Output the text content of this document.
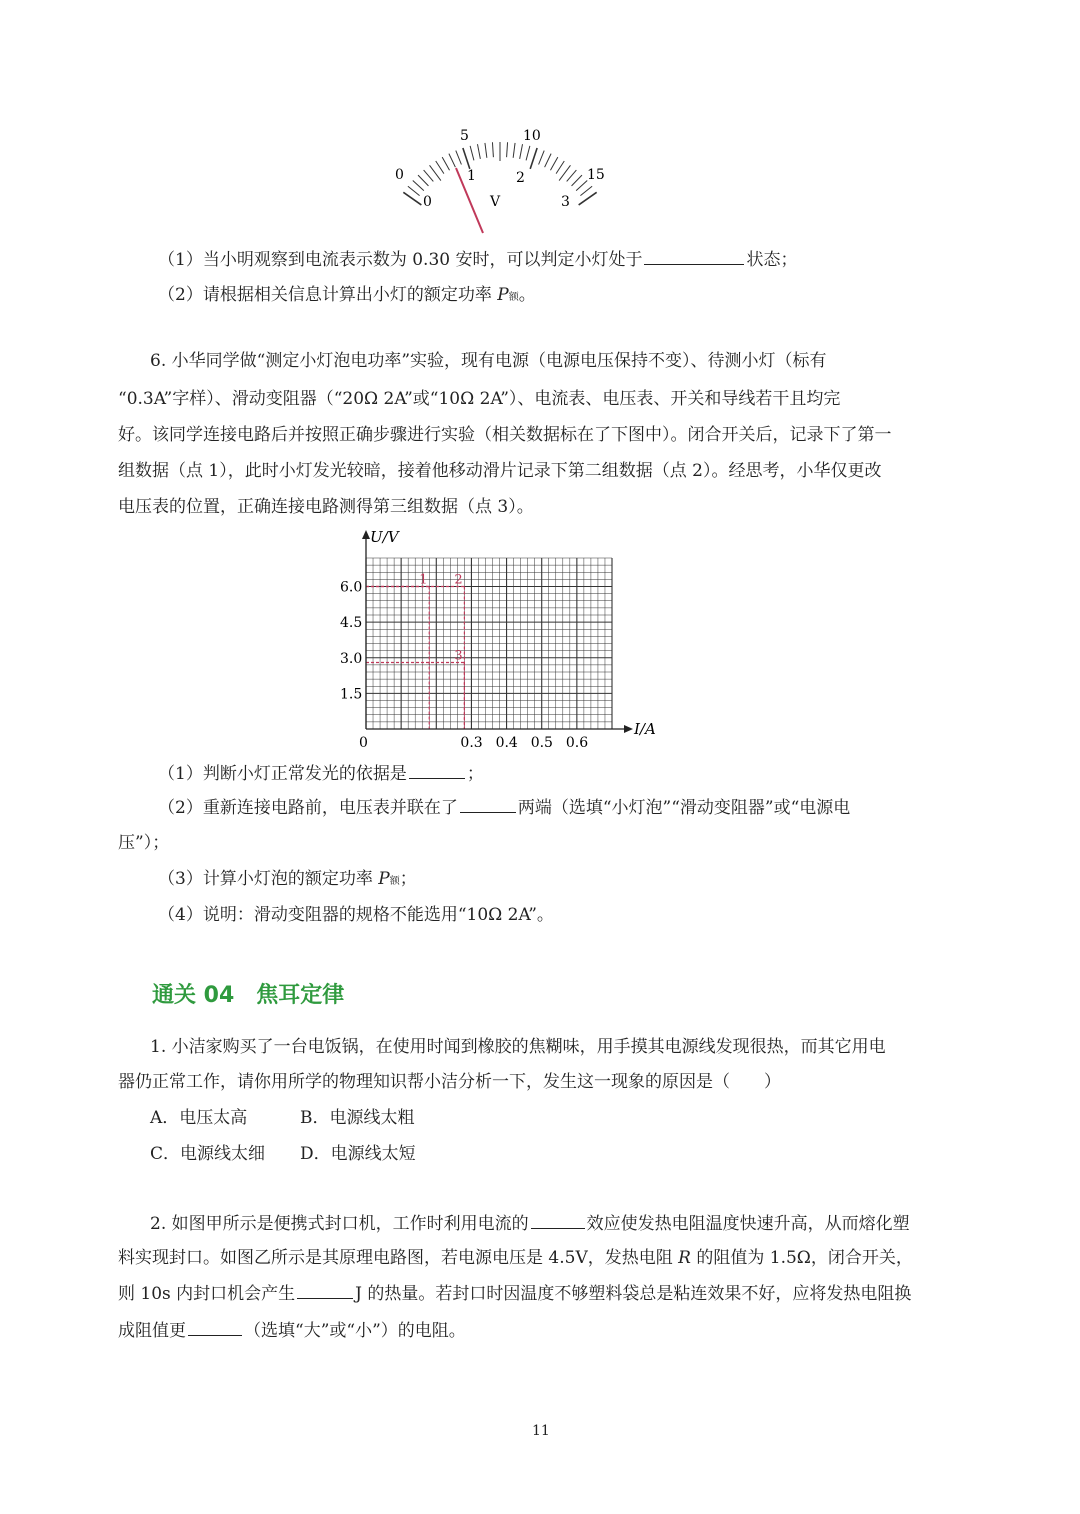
0
5	10
15
0
1	2
3
V
（1）当小明观察到电流表示数为 0.30 安时，可以判定小灯处于	状态；
（2）请根据相关信息计算出小灯的额定功率 P额。
6. 小华同学做“测定小灯泡电功率”实验，现有电源（电源电压保持不变）、待测小灯（标有
“0.3A”字样）、滑动变阻器（“20Ω 2A”或“10Ω 2A”）、电流表、电压表、开关和导线若干且均完
好。该同学连接电路后并按照正确步骤进行实验（相关数据标在了下图中）。闭合开关后，记录下了第一
组数据（点 1），此时小灯发光较暗，接着他移动滑片记录下第二组数据（点 2）。经思考，小华仅更改
电压表的位置，正确连接电路测得第三组数据（点 3）。
1 2
3
0.3 0.4 0.5 0.6
6.0
4.5
3.0
1.5
U/V
I/A
0
（1）判断小灯正常发光的依据是	；
（2）重新连接电路前，电压表并联在了	两端（选填“小灯泡”“滑动变阻器”或“电源电
压”）；
（3）计算小灯泡的额定功率 P额；
（4）说明：滑动变阻器的规格不能选用“10Ω 2A”。
通关 04 焦耳定律
1. 小洁家购买了一台电饭锅，在使用时闻到橡胶的焦糊味，用手摸其电源线发现很热，而其它用电
器仍正常工作，请你用所学的物理知识帮小洁分析一下，发生这一现象的原因是（　　）
A．电压太高	B．电源线太粗
C．电源线太细 D．电源线太短
2. 如图甲所示是便携式封口机，工作时利用电流的	效应使发热电阻温度快速升高，从而熔化塑
料实现封口。如图乙所示是其原理电路图，若电源电压是 4.5V，发热电阻 R 的阻值为 1.5Ω，闭合开关，
则 10s 内封口机会产生	J 的热量。若封口时因温度不够塑料袋总是粘连效果不好，应将发热电阻换
成阻值更	（选填“大”或“小”）的电阻。
11
